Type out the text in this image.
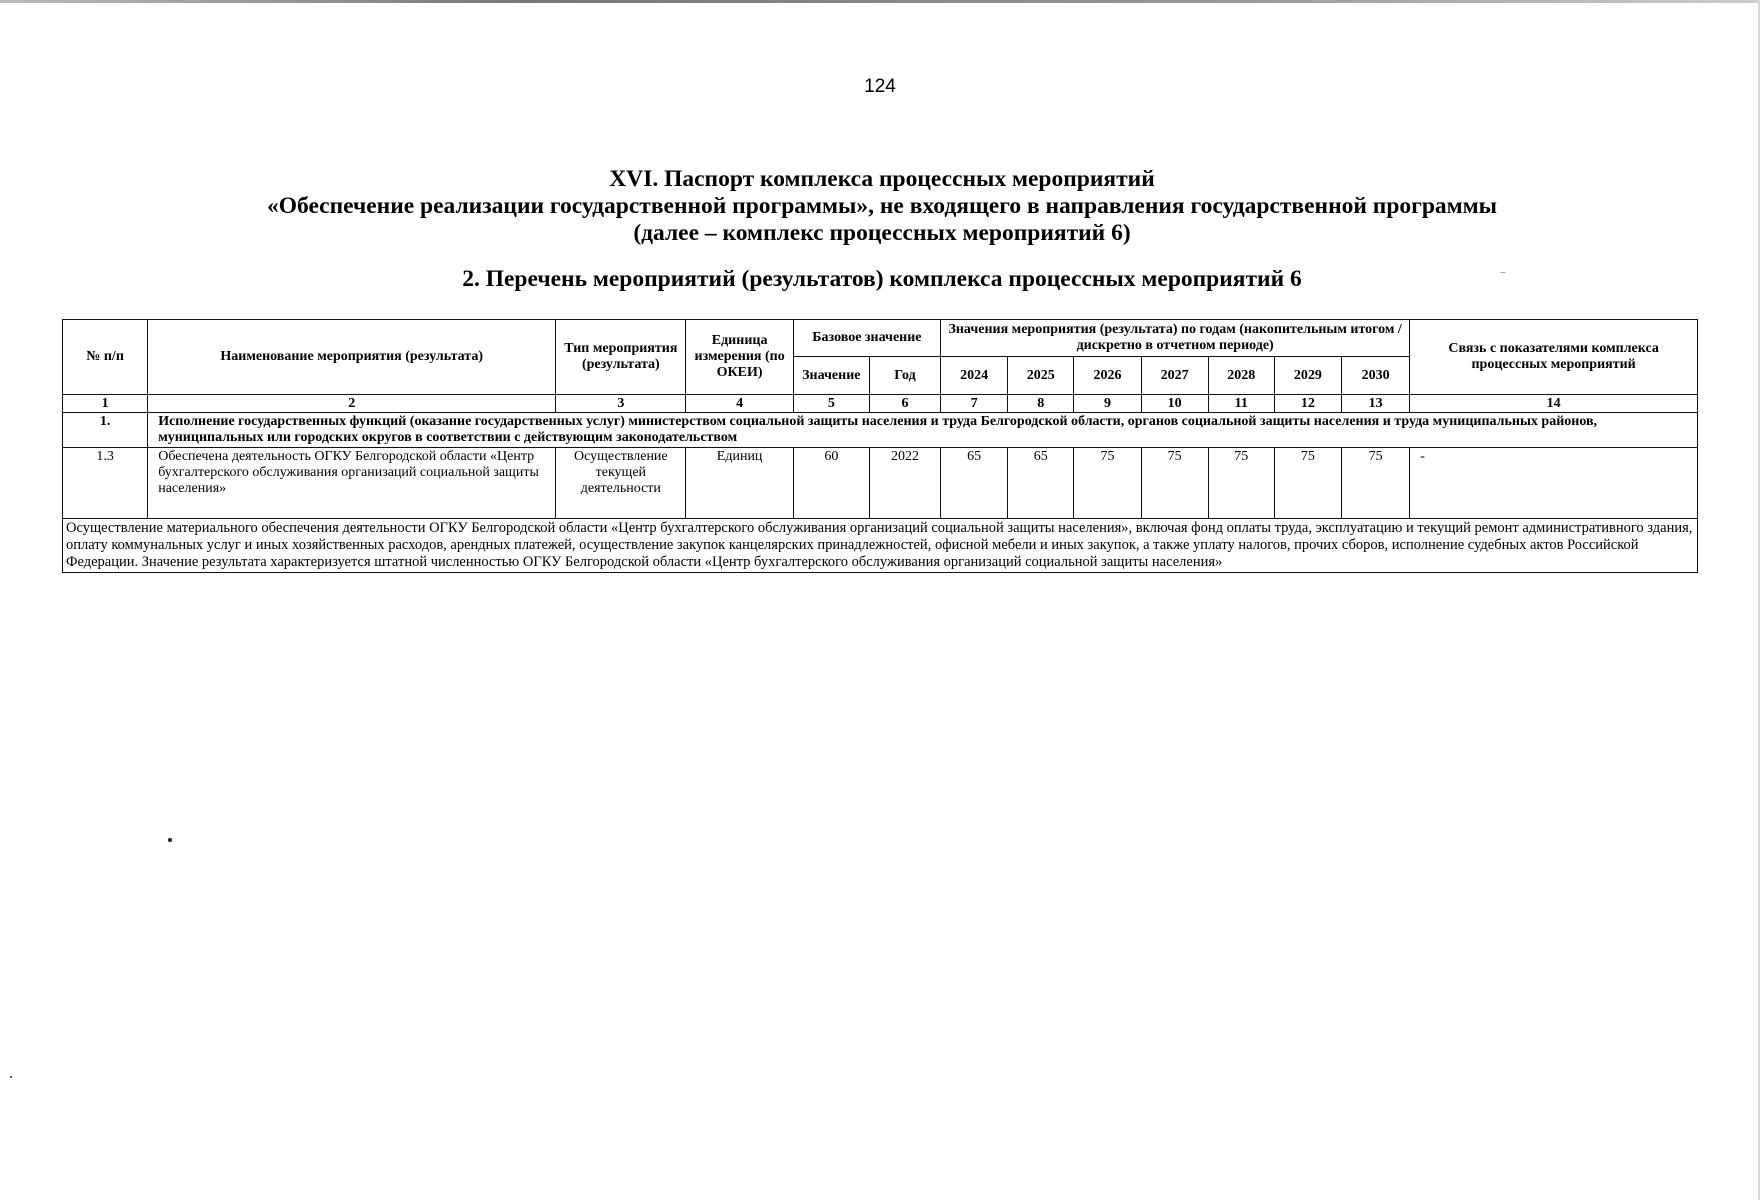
124
XVI. Паспорт комплекса процессных мероприятий
«Обеспечение реализации государственной программы», не входящего в направления государственной программы
(далее – комплекс процессных мероприятий 6)
2. Перечень мероприятий (результатов) комплекса процессных мероприятий 6
№ п/п	Наименование мероприятия (результата)	Тип мероприятия (результата)	Единица измерения (по ОКЕИ)	Базовое значение		Значения мероприятия (результата) по годам (накопительным итогом / дискретно в отчетном периоде)							Связь с показателями комплекса процессных мероприятий
				Значение	Год	2024	2025	2026	2027	2028	2029	2030	
1	2	3	4	5	6	7	8	9	10	11	12	13	14
1.	Исполнение государственных функций (оказание государственных услуг) министерством социальной защиты населения и труда Белгородской области, органов социальной защиты населения и труда муниципальных районов, муниципальных или городских округов в соответствии с действующим законодательством												
1.3	Обеспечена деятельность ОГКУ Белгородской области «Центр бухгалтерского обслуживания организаций социальной защиты населения»	Осуществление текущей деятельности	Единиц	60	2022	65	65	75	75	75	75	75	-
Осуществление материального обеспечения деятельности ОГКУ Белгородской области «Центр бухгалтерского обслуживания организаций социальной защиты населения», включая фонд оплаты труда, эксплуатацию и текущий ремонт административного здания, оплату коммунальных услуг и иных хозяйственных расходов, арендных платежей, осуществление закупок канцелярских принадлежностей, офисной мебели и иных закупок, а также уплату налогов, прочих сборов, исполнение судебных актов Российской Федерации. Значение результата характеризуется штатной численностью ОГКУ Белгородской области «Центр бухгалтерского обслуживания организаций социальной защиты населения»													
